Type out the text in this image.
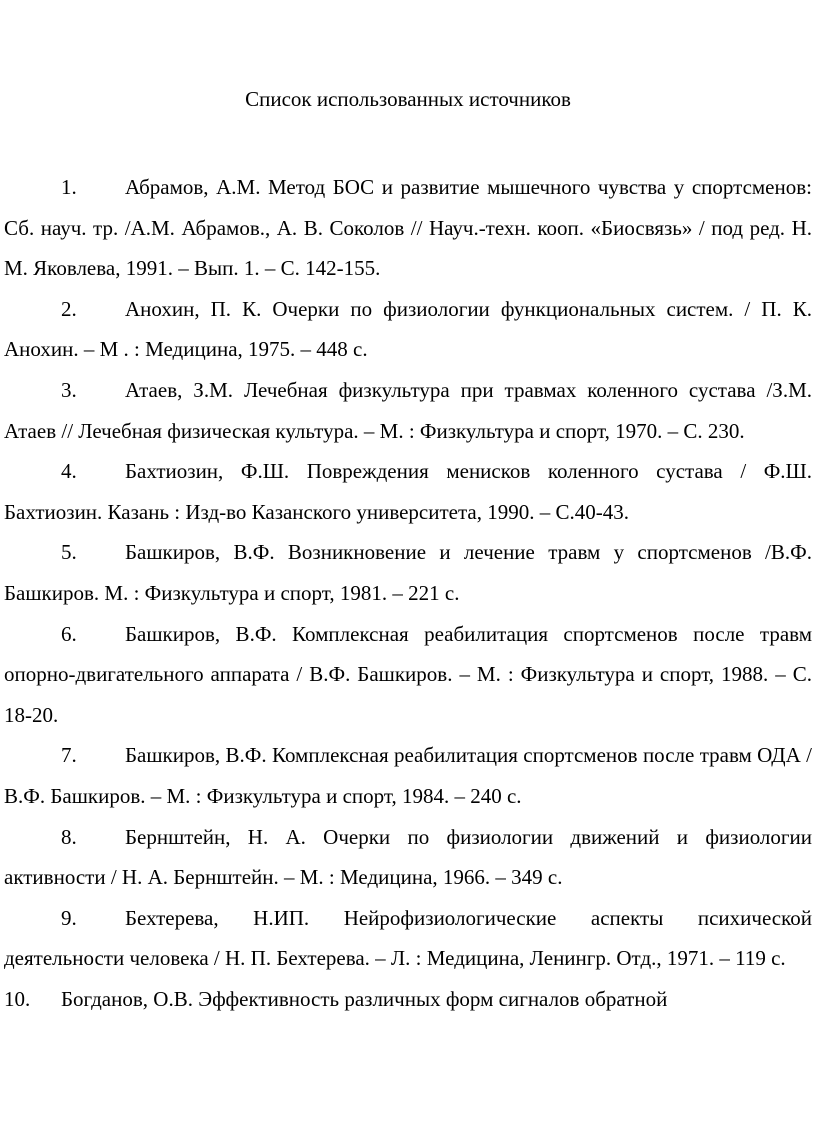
Список использованных источников

1. Абрамов, А.М. Метод БОС и развитие мышечного чувства у спортсменов: Сб. науч. тр. /А.М. Абрамов., А. В. Соколов // Науч.-техн. кооп. «Биосвязь» / под ред. Н. М. Яковлева, 1991. – Вып. 1. – С. 142-155.

2. Анохин, П. К. Очерки по физиологии функциональных систем. / П. К. Анохин. – М . : Медицина, 1975. – 448 с.

3. Атаев, З.М. Лечебная физкультура при травмах коленного сустава /З.М. Атаев // Лечебная физическая культура. – М. : Физкультура и спорт, 1970. – С. 230.

4. Бахтиозин, Ф.Ш. Повреждения менисков коленного сустава / Ф.Ш. Бахтиозин. Казань : Изд-во Казанского университета, 1990. – С.40-43.

5. Башкиров, В.Ф. Возникновение и лечение травм у спортсменов /В.Ф. Башкиров. М. : Физкультура и спорт, 1981. – 221 с.

6. Башкиров, В.Ф. Комплексная реабилитация спортсменов после травм опорно-двигательного аппарата / В.Ф. Башкиров. – М. : Физкультура и спорт, 1988. – С. 18-20.

7. Башкиров, В.Ф. Комплексная реабилитация спортсменов после травм ОДА / В.Ф. Башкиров. – М. : Физкультура и спорт, 1984. – 240 с.

8. Бернштейн, Н. А. Очерки по физиологии движений и физиологии активности / Н. А. Бернштейн. – М. : Медицина, 1966. – 349 с.

9. Бехтерева, Н.ИП. Нейрофизиологические аспекты психической деятельности человека / Н. П. Бехтерева. – Л. : Медицина, Ленингр. Отд., 1971. – 119 с.

10. Богданов, О.В. Эффективность различных форм сигналов обратной
